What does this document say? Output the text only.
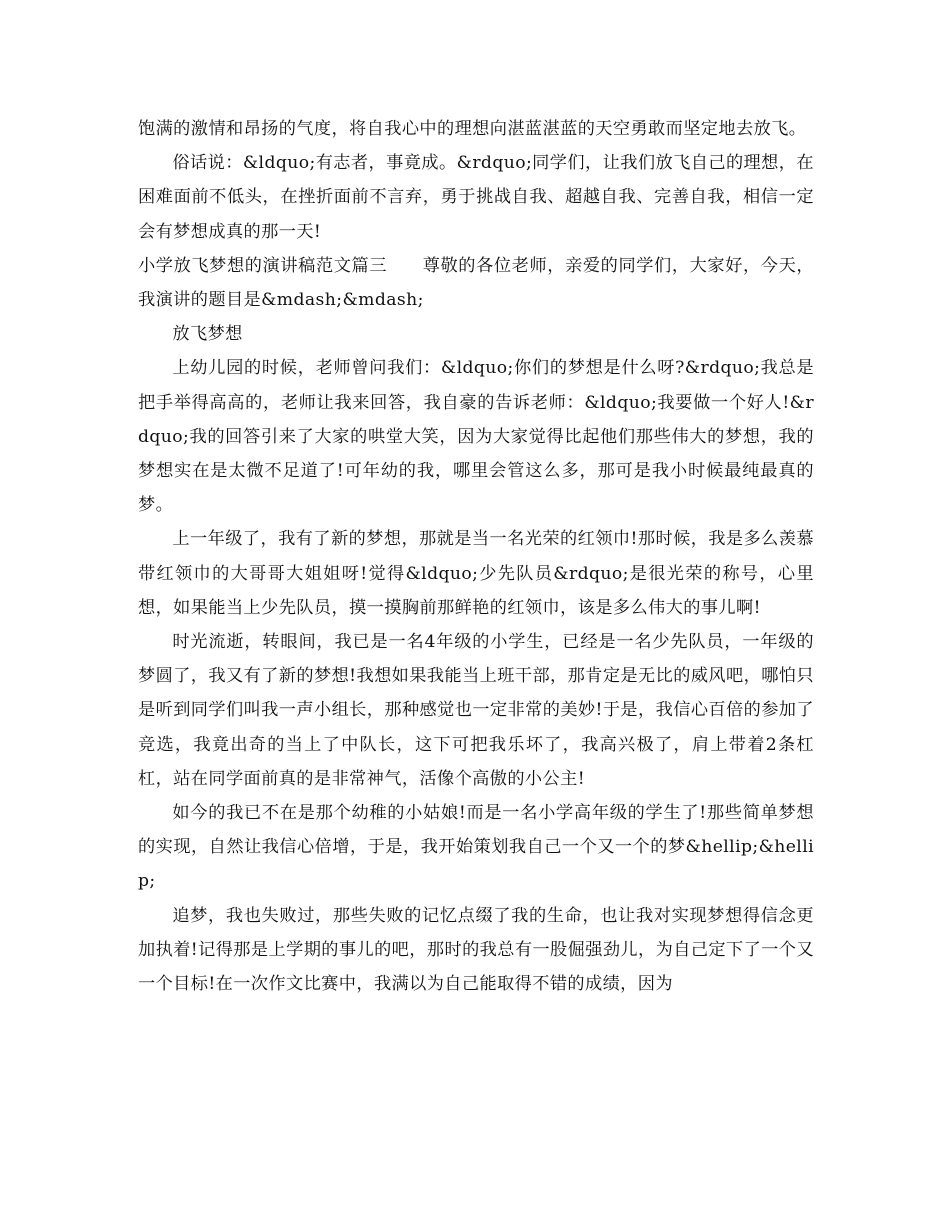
饱满的激情和昂扬的气度，将自我心中的理想向湛蓝湛蓝的天空勇敢而坚定地去放飞。

俗话说：&ldquo;有志者，事竟成。&rdquo;同学们，让我们放飞自己的理想，在困难面前不低头，在挫折面前不言弃，勇于挑战自我、超越自我、完善自我，相信一定会有梦想成真的那一天!

小学放飞梦想的演讲稿范文篇三　　尊敬的各位老师，亲爱的同学们，大家好，今天，我演讲的题目是&mdash;&mdash;

放飞梦想

上幼儿园的时候，老师曾问我们：&ldquo;你们的梦想是什么呀?&rdquo;我总是把手举得高高的，老师让我来回答，我自豪的告诉老师：&ldquo;我要做一个好人!&rdquo;我的回答引来了大家的哄堂大笑，因为大家觉得比起他们那些伟大的梦想，我的梦想实在是太微不足道了!可年幼的我，哪里会管这么多，那可是我小时候最纯最真的梦。

上一年级了，我有了新的梦想，那就是当一名光荣的红领巾!那时候，我是多么羡慕带红领巾的大哥哥大姐姐呀!觉得&ldquo;少先队员&rdquo;是很光荣的称号，心里想，如果能当上少先队员，摸一摸胸前那鲜艳的红领巾，该是多么伟大的事儿啊!

时光流逝，转眼间，我已是一名4年级的小学生，已经是一名少先队员，一年级的梦圆了，我又有了新的梦想!我想如果我能当上班干部，那肯定是无比的威风吧，哪怕只是听到同学们叫我一声小组长，那种感觉也一定非常的美妙!于是，我信心百倍的参加了竞选，我竟出奇的当上了中队长，这下可把我乐坏了，我高兴极了，肩上带着2条杠杠，站在同学面前真的是非常神气，活像个高傲的小公主!

如今的我已不在是那个幼稚的小姑娘!而是一名小学高年级的学生了!那些简单梦想的实现，自然让我信心倍增，于是，我开始策划我自己一个又一个的梦&hellip;&hellip;

追梦，我也失败过，那些失败的记忆点缀了我的生命，也让我对实现梦想得信念更加执着!记得那是上学期的事儿的吧，那时的我总有一股倔强劲儿，为自己定下了一个又一个目标!在一次作文比赛中，我满以为自己能取得不错的成绩，因为
